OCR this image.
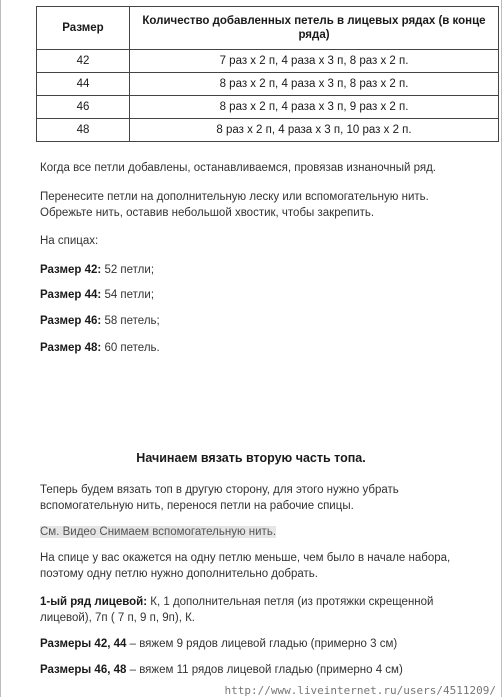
Размер	Количество добавленных петель в лицевых рядах (в конце ряда)
42	7 раз х 2 п, 4 раза х 3 п, 8 раз х 2 п.
44	8 раз х 2 п, 4 раза х 3 п, 8 раз х 2 п.
46	8 раз х 2 п, 4 раза х 3 п, 9 раз х 2 п.
48	8 раз х 2 п, 4 раза х 3 п, 10 раз х 2 п.
Когда все петли добавлены, останавливаемся, провязав изнаночный ряд.
Перенесите петли на дополнительную леску или вспомогательную нить.
Обрежьте нить, оставив небольшой хвостик, чтобы закрепить.
На спицах:
Размер 42: 52 петли;
Размер 44: 54 петли;
Размер 46: 58 петель;
Размер 48: 60 петель.
Начинаем вязать вторую часть топа.
Теперь будем вязать топ в другую сторону, для этого нужно убрать
вспомогательную нить, перенося петли на рабочие спицы.
См. Видео Снимаем вспомогательную нить.
На спице у вас окажется на одну петлю меньше, чем было в начале набора,
поэтому одну петлю нужно дополнительно добрать.
1-ый ряд лицевой: К, 1 дополнительная петля (из протяжки скрещенной
лицевой), 7п ( 7 п, 9 п, 9п), К.
Размеры 42, 44 – вяжем 9 рядов лицевой гладью (примерно 3 см)
Размеры 46, 48 – вяжем 11 рядов лицевой гладью (примерно 4 см)
http://www.liveinternet.ru/users/4511209/
